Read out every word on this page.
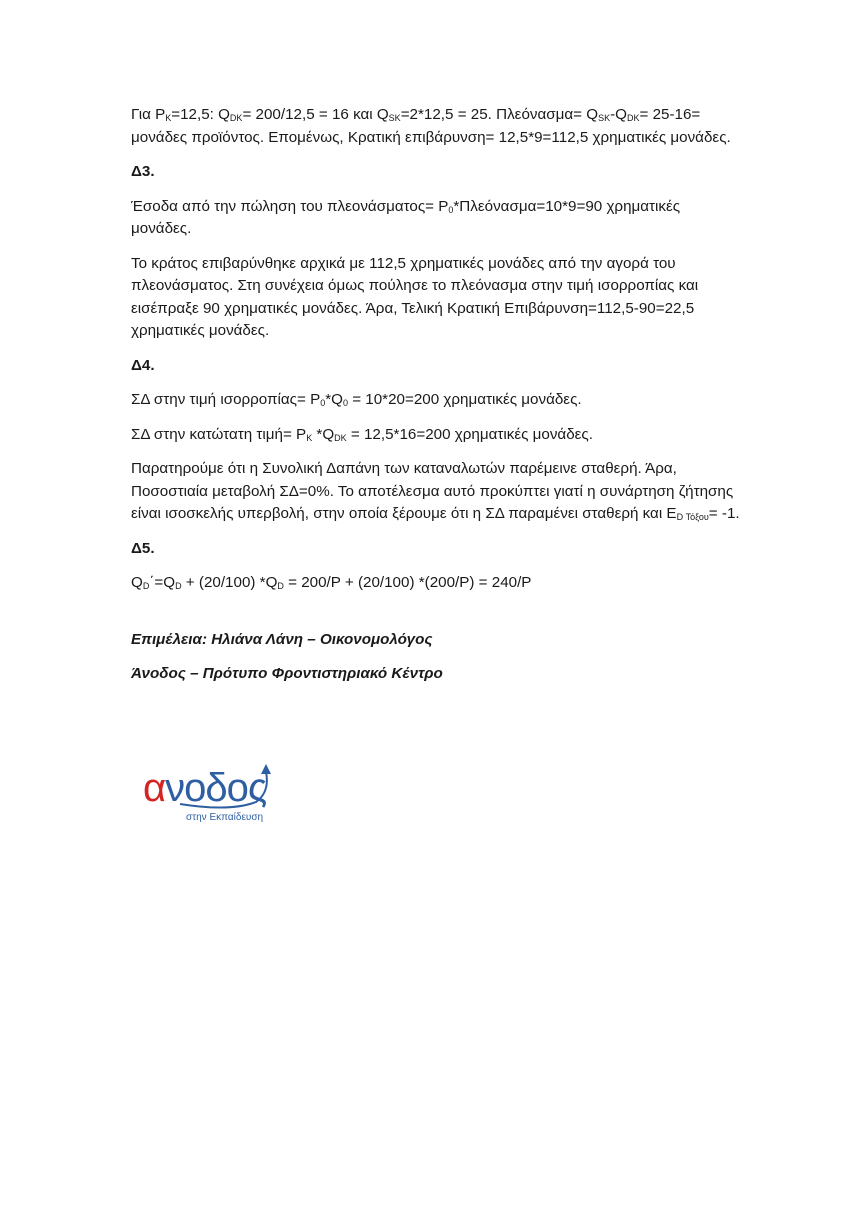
Για $P_K=12,5$: $Q_{DK}= 200/12,5 = 16$ και $Q_{SK}=2*12,5 = 25$. $\Pi\lambda\varepsilon ό\nu\alpha\sigma\mu\alpha= Q_{SK}-Q_{DK}= 25-16= \mu o\nu ά\delta\varepsilon\varsigma$ προϊόντος. Επομένως, Κρατική επιβάρυνση= 12,5*9=112,5 χρηματικές μονάδες.

Δ3.

Έσοδα από την πώληση του $\pi\lambda\varepsilon o\nu ά\sigma\mu\alpha\tau o\varsigma= P_0*\Pi\lambda\varepsilon ό\nu\alpha\sigma\mu\alpha=10*9=90$ χρηματικές μονάδες.

Το κράτος επιβαρύνθηκε αρχικά με 112,5 χρηματικές μονάδες από την αγορά του πλεονάσματος. Στη συνέχεια όμως πούλησε το πλεόνασμα στην τιμή ισορροπίας και εισέπραξε 90 χρηματικές μονάδες. Άρα, Τελική Κρατική Επιβάρυνση=112,5-90=22,5 χρηματικές μονάδες.

Δ4.

ΣΔ στην τιμή $\iota\sigma o\rho\rho o\pi ί\alpha\varsigma= P_0*Q_0 = 10*20=200$ χρηματικές μονάδες.

ΣΔ στην κατώτατη $\tau\iota\mu ή= P_K$ $*Q_{DK} = 12,5*16=200$ χρηματικές μονάδες.

Παρατηρούμε ότι η Συνολική Δαπάνη των καταναλωτών παρέμεινε σταθερή. Άρα, Ποσοστιαία μεταβολή ΣΔ=0%. Το αποτέλεσμα αυτό προκύπτει γιατί η συνάρτηση ζήτησης είναι ισοσκελής υπερβολή, στην οποία ξέρουμε ότι η ΣΔ παραμένει σταθερή και $E_{D Tό\xi o\upsilon}= -1$.

Δ5.

$Q_D΄=Q_D + (20/100) *Q_D = 200/P + (20/100) *(200/P) = 240/P$

Επιμέλεια: Ηλιάνα Λάνη – Οικονομολόγος

Άνοδος – Πρότυπο Φροντιστηριακό Κέντρο

ανοδος
στην Εκπαίδευση
